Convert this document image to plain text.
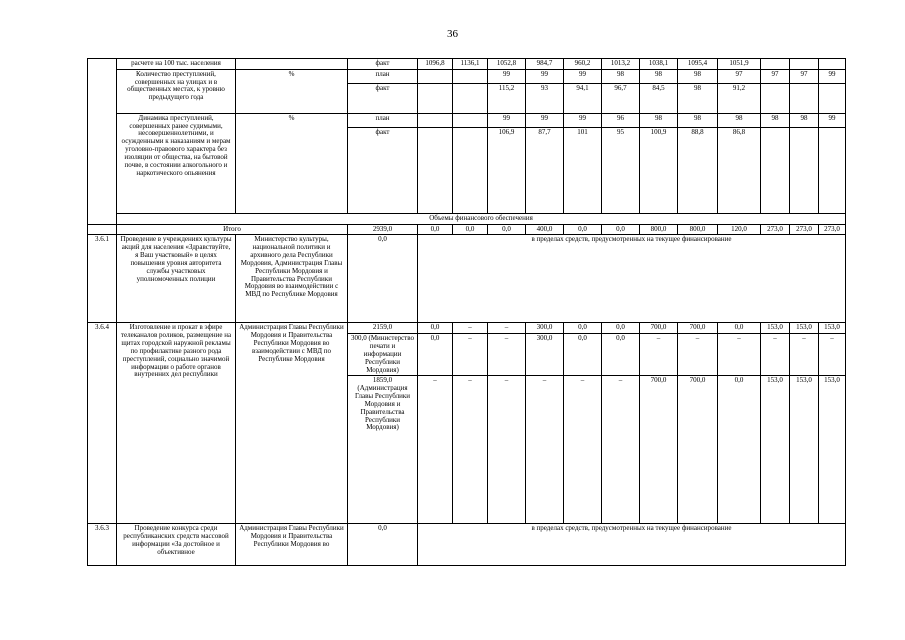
36
	расчете на 100 тыс. населения		факт	1096,8	1136,1	1052,8	984,7	960,2	1013,2	1038,1	1095,4	1051,9			
	Количество преступлений, совершенных на улицах и в общественных местах, к уровню предыдущего года	%	план			99	99	99	98	98	98	97	97	97	99
			факт			115,2	93	94,1	96,7	84,5	98	91,2			
	Динамика преступлений, совершенных ранее судимыми, несовершеннолетними, и осужденными к наказаниям и мерам уголовно-правового характера без изоляции от общества, на бытовой почве, в состоянии алкогольного и наркотического опьянения	%	план			99	99	99	96	98	98	98	98	98	99
			факт			106,9	87,7	101	95	100,9	88,8	86,8			
	Объемы финансового обеспечения														
	Итого		2939,0	0,0	0,0	0,0	400,0	0,0	0,0	800,0	800,0	120,0	273,0	273,0	273,0
3.6.1	Проведение в учреждениях культуры акций для населения «Здравствуйте, я Ваш участковый» в целях повышения уровня авторитета службы участковых уполномоченных полиции	Министерство культуры, национальной политики и архивного дела Республики Мордовия, Администрация Главы Республики Мордовия и Правительства Республики Мордовия во взаимодействии с МВД по Республике Мордовия	0,0	в пределах средств, предусмотренных на текущее финансирование											
3.6.4	Изготовление и прокат в эфире телеканалов роликов, размещение на щитах городской наружной рекламы по профилактике разного рода преступлений, социально значимой информации о работе органов внутренних дел республики	Администрация Главы Республики Мордовия и Правительства Республики Мордовия во взаимодействии с МВД по Республике Мордовия	2159,0	0,0	–	–	300,0	0,0	0,0	700,0	700,0	0,0	153,0	153,0	153,0
			300,0 (Министерство печати и информации Республики Мордовия)	0,0	–	–	300,0	0,0	0,0	–	–	–	–	–	–
			1859,0 (Администрация Главы Республики Мордовия и Правительства Республики Мордовия)	–	–	–	–	–	–	700,0	700,0	0,0	153,0	153,0	153,0
3.6.3	Проведение конкурса среди республиканских средств массовой информации «За достойное и объективное	Администрация Главы Республики Мордовия и Правительства Республики Мордовия во	0,0	в пределах средств, предусмотренных на текущее финансирование											
